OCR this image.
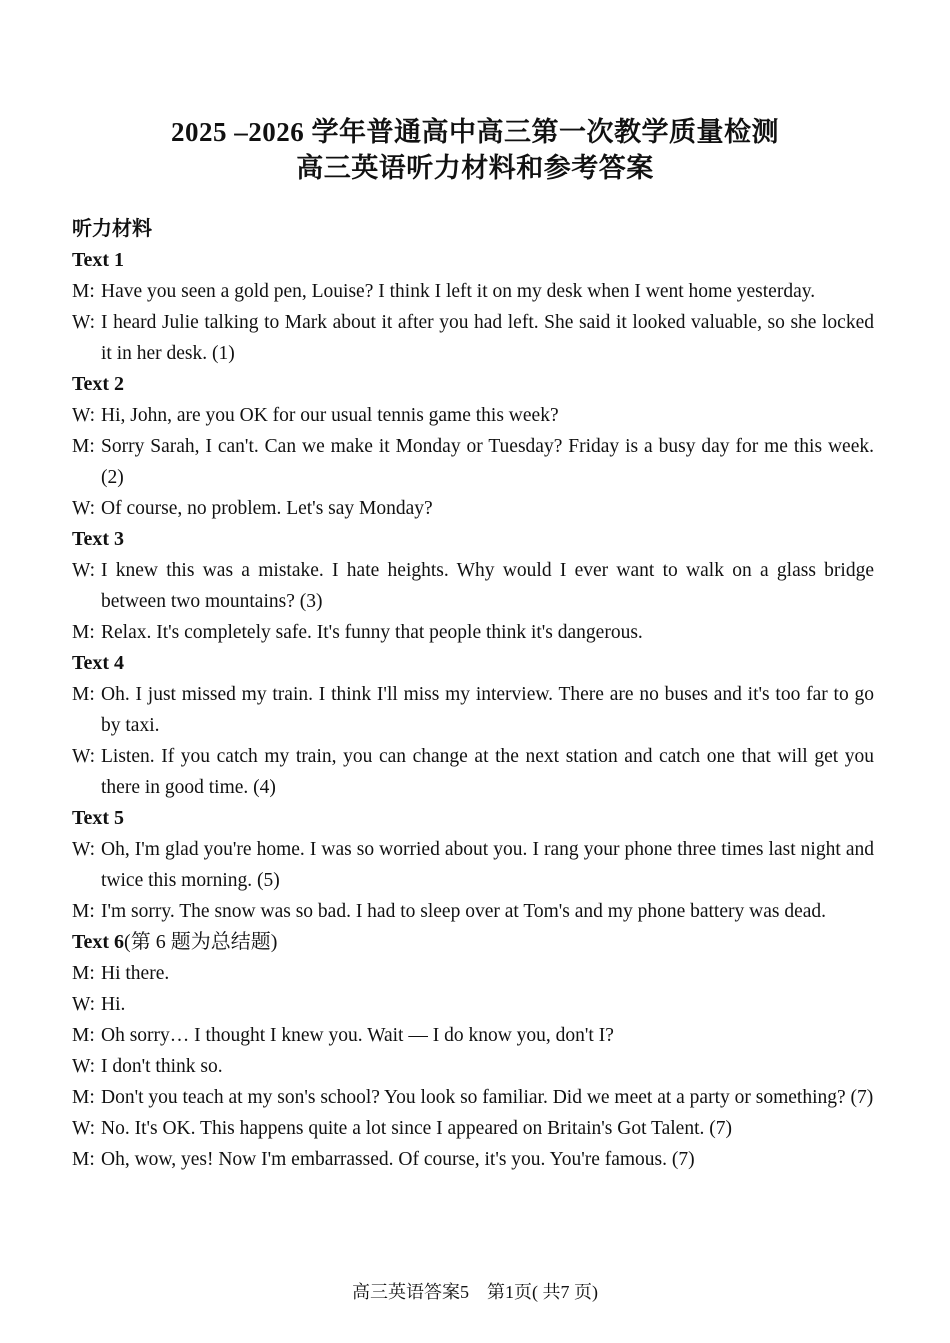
2025 –2026 学年普通高中高三第一次教学质量检测
高三英语听力材料和参考答案
听力材料
Text 1
M: Have you seen a gold pen, Louise? I think I left it on my desk when I went home yesterday.
W: I heard Julie talking to Mark about it after you had left. She said it looked valuable, so she locked it in her desk. (1)
Text 2
W: Hi, John, are you OK for our usual tennis game this week?
M: Sorry Sarah, I can't. Can we make it Monday or Tuesday? Friday is a busy day for me this week. (2)
W: Of course, no problem. Let's say Monday?
Text 3
W: I knew this was a mistake. I hate heights. Why would I ever want to walk on a glass bridge between two mountains? (3)
M: Relax. It's completely safe. It's funny that people think it's dangerous.
Text 4
M: Oh. I just missed my train. I think I'll miss my interview. There are no buses and it's too far to go by taxi.
W: Listen. If you catch my train, you can change at the next station and catch one that will get you there in good time. (4)
Text 5
W: Oh, I'm glad you're home. I was so worried about you. I rang your phone three times last night and twice this morning. (5)
M: I'm sorry. The snow was so bad. I had to sleep over at Tom's and my phone battery was dead.
Text 6(第 6 题为总结题)
M: Hi there.
W: Hi.
M: Oh sorry… I thought I knew you. Wait — I do know you, don't I?
W: I don't think so.
M: Don't you teach at my son's school? You look so familiar. Did we meet at a party or something? (7)
W: No. It's OK. This happens quite a lot since I appeared on Britain's Got Talent. (7)
M: Oh, wow, yes! Now I'm embarrassed. Of course, it's you. You're famous. (7)
高三英语答案5　第1页( 共7 页)
